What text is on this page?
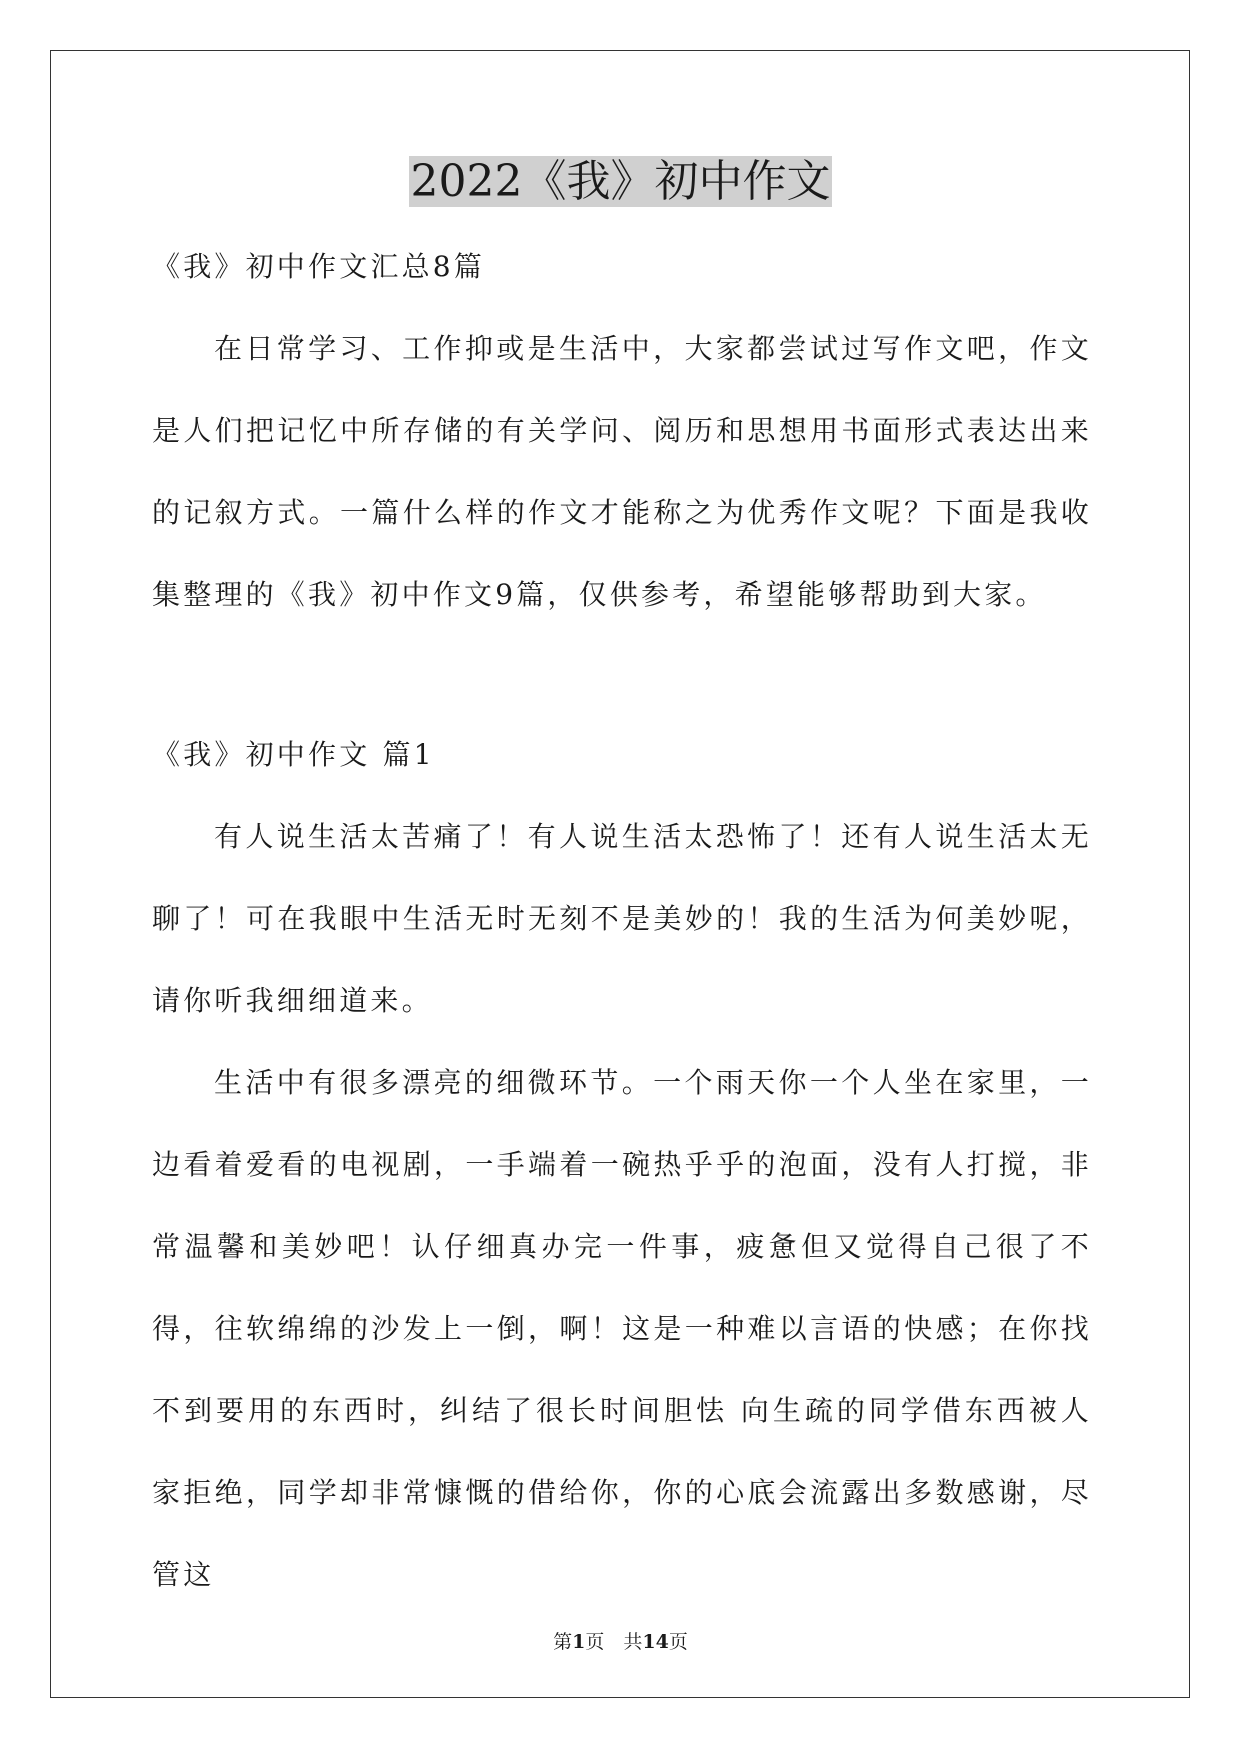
2022《我》初中作文

《我》初中作文汇总8篇

在日常学习、工作抑或是生活中，大家都尝试过写作文吧，作文是人们把记忆中所存储的有关学问、阅历和思想用书面形式表达出来的记叙方式。一篇什么样的作文才能称之为优秀作文呢？下面是我收集整理的《我》初中作文9篇，仅供参考，希望能够帮助到大家。

《我》初中作文 篇1

有人说生活太苦痛了！有人说生活太恐怖了！还有人说生活太无聊了！可在我眼中生活无时无刻不是美妙的！我的生活为何美妙呢，请你听我细细道来。

生活中有很多漂亮的细微环节。一个雨天你一个人坐在家里，一边看着爱看的电视剧，一手端着一碗热乎乎的泡面，没有人打搅，非常温馨和美妙吧！认仔细真办完一件事，疲惫但又觉得自己很了不得，往软绵绵的沙发上一倒，啊！这是一种难以言语的快感；在你找不到要用的东西时，纠结了很长时间胆怯 向生疏的同学借东西被人家拒绝，同学却非常慷慨的借给你，你的心底会流露出多数感谢，尽管这

第1页　共14页
